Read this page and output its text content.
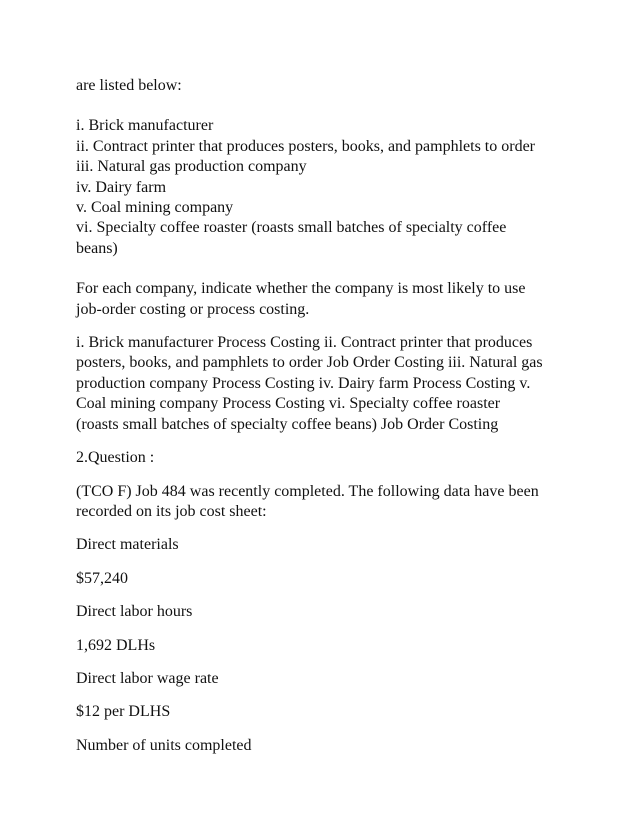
are listed below:

i. Brick manufacturer
ii. Contract printer that produces posters, books, and pamphlets to order
iii. Natural gas production company
iv. Dairy farm
v. Coal mining company
vi. Specialty coffee roaster (roasts small batches of specialty coffee
beans)

For each company, indicate whether the company is most likely to use
job-order costing or process costing.

i. Brick manufacturer Process Costing ii. Contract printer that produces
posters, books, and pamphlets to order Job Order Costing iii. Natural gas
production company Process Costing iv. Dairy farm Process Costing v.
Coal mining company Process Costing vi. Specialty coffee roaster
(roasts small batches of specialty coffee beans) Job Order Costing

2.Question :

(TCO F) Job 484 was recently completed. The following data have been
recorded on its job cost sheet:

Direct materials

$57,240

Direct labor hours

1,692 DLHs

Direct labor wage rate

$12 per DLHS

Number of units completed
